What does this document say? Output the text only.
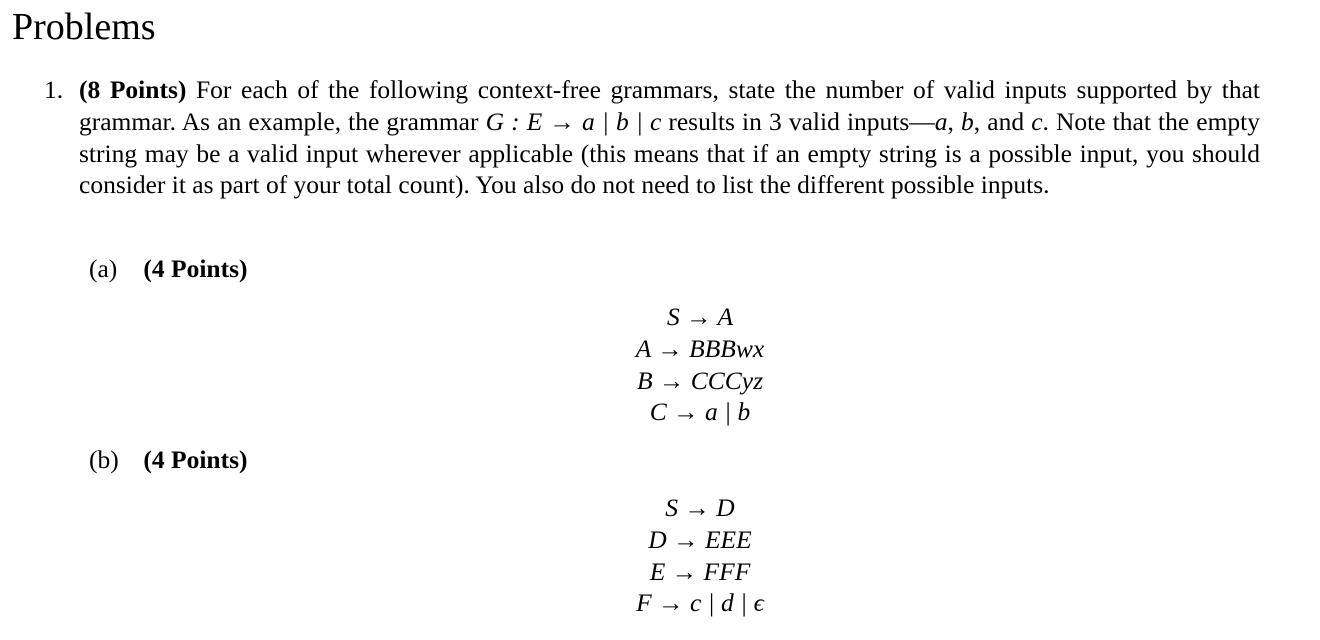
Problems
1. (8 Points) For each of the following context-free grammars, state the number of valid inputs supported by that grammar. As an example, the grammar G : E → a | b | c results in 3 valid inputs—a, b, and c. Note that the empty string may be a valid input wherever applicable (this means that if an empty string is a possible input, you should consider it as part of your total count). You also do not need to list the different possible inputs.
(a) (4 Points)
S → A
A → BBBwx
B → CCCyz
C → a | b
(b) (4 Points)
S → D
D → EEE
E → FFF
F → c | d | ϵ
